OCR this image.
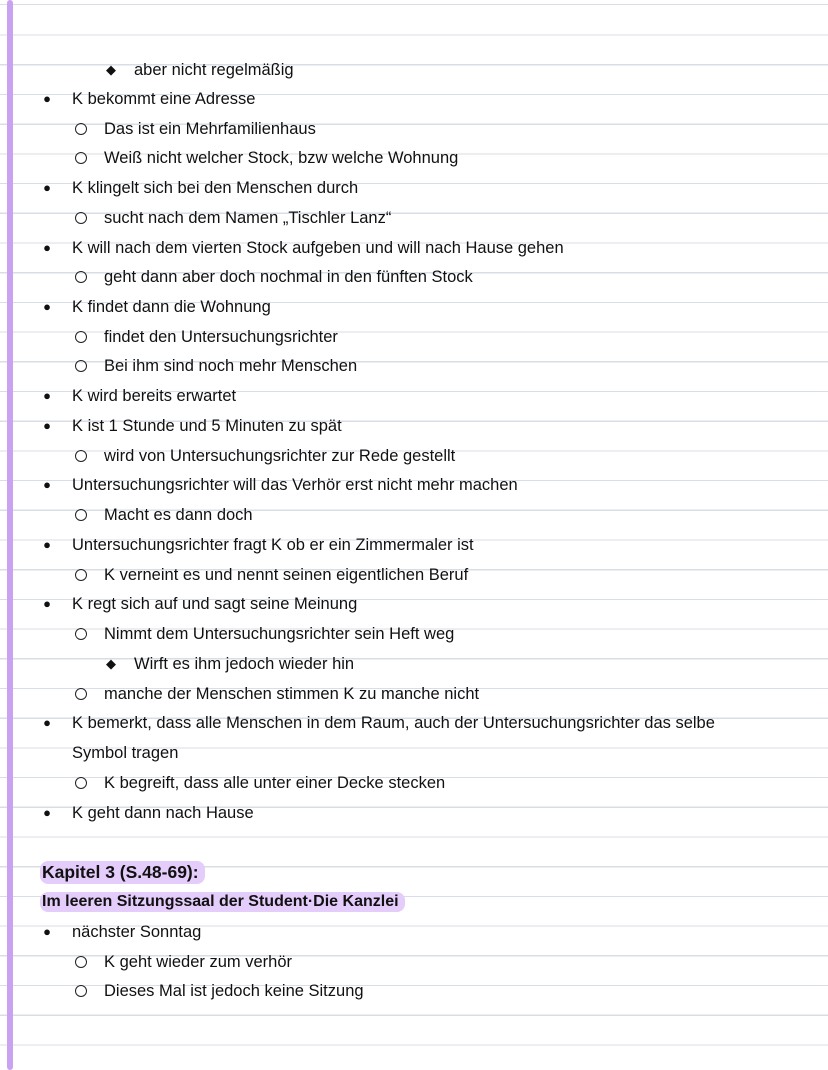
◆ aber nicht regelmäßig
● K bekommt eine Adresse
Das ist ein Mehrfamilienhaus
Weiß nicht welcher Stock, bzw welche Wohnung
● K klingelt sich bei den Menschen durch
sucht nach dem Namen „Tischler Lanz“
● K will nach dem vierten Stock aufgeben und will nach Hause gehen
geht dann aber doch nochmal in den fünften Stock
● K findet dann die Wohnung
findet den Untersuchungsrichter
Bei ihm sind noch mehr Menschen
● K wird bereits erwartet
● K ist 1 Stunde und 5 Minuten zu spät
wird von Untersuchungsrichter zur Rede gestellt
● Untersuchungsrichter will das Verhör erst nicht mehr machen
Macht es dann doch
● Untersuchungsrichter fragt K ob er ein Zimmermaler ist
K verneint es und nennt seinen eigentlichen Beruf
● K regt sich auf und sagt seine Meinung
Nimmt dem Untersuchungsrichter sein Heft weg
◆ Wirft es ihm jedoch wieder hin
manche der Menschen stimmen K zu manche nicht
● K bemerkt, dass alle Menschen in dem Raum, auch der Untersuchungsrichter das selbe
Symbol tragen
K begreift, dass alle unter einer Decke stecken
● K geht dann nach Hause
Kapitel 3 (S.48-69):
Im leeren Sitzungssaal der Student·Die Kanzlei
● nächster Sonntag
K geht wieder zum verhör
Dieses Mal ist jedoch keine Sitzung
